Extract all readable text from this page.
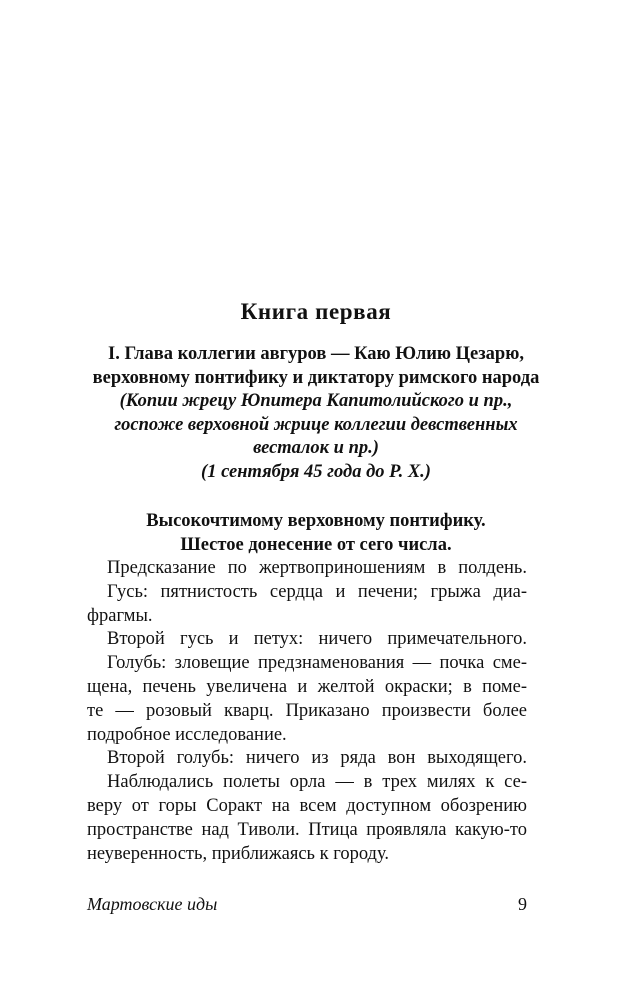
Книга первая
I. Глава коллегии авгуров — Каю Юлию Цезарю,
верховному понтифику и диктатору римского народа
(Копии жрецу Юпитера Капитолийского и пр.,
госпоже верховной жрице коллегии девственных
весталок и пр.)
(1 сентября 45 года до Р. Х.)
Высокочтимому верховному понтифику.
Шестое донесение от сего числа.
Предсказание по жертвоприношениям в полдень.
Гусь: пятнистость сердца и печени; грыжа диа-
фрагмы.
Второй гусь и петух: ничего примечательного.
Голубь: зловещие предзнаменования — почка сме-
щена, печень увеличена и желтой окраски; в поме-
те — розовый кварц. Приказано произвести более
подробное исследование.
Второй голубь: ничего из ряда вон выходящего.
Наблюдались полеты орла — в трех милях к се-
веру от горы Соракт на всем доступном обозрению
пространстве над Тиволи. Птица проявляла какую-то
неуверенность, приближаясь к городу.
Мартовские иды	9
